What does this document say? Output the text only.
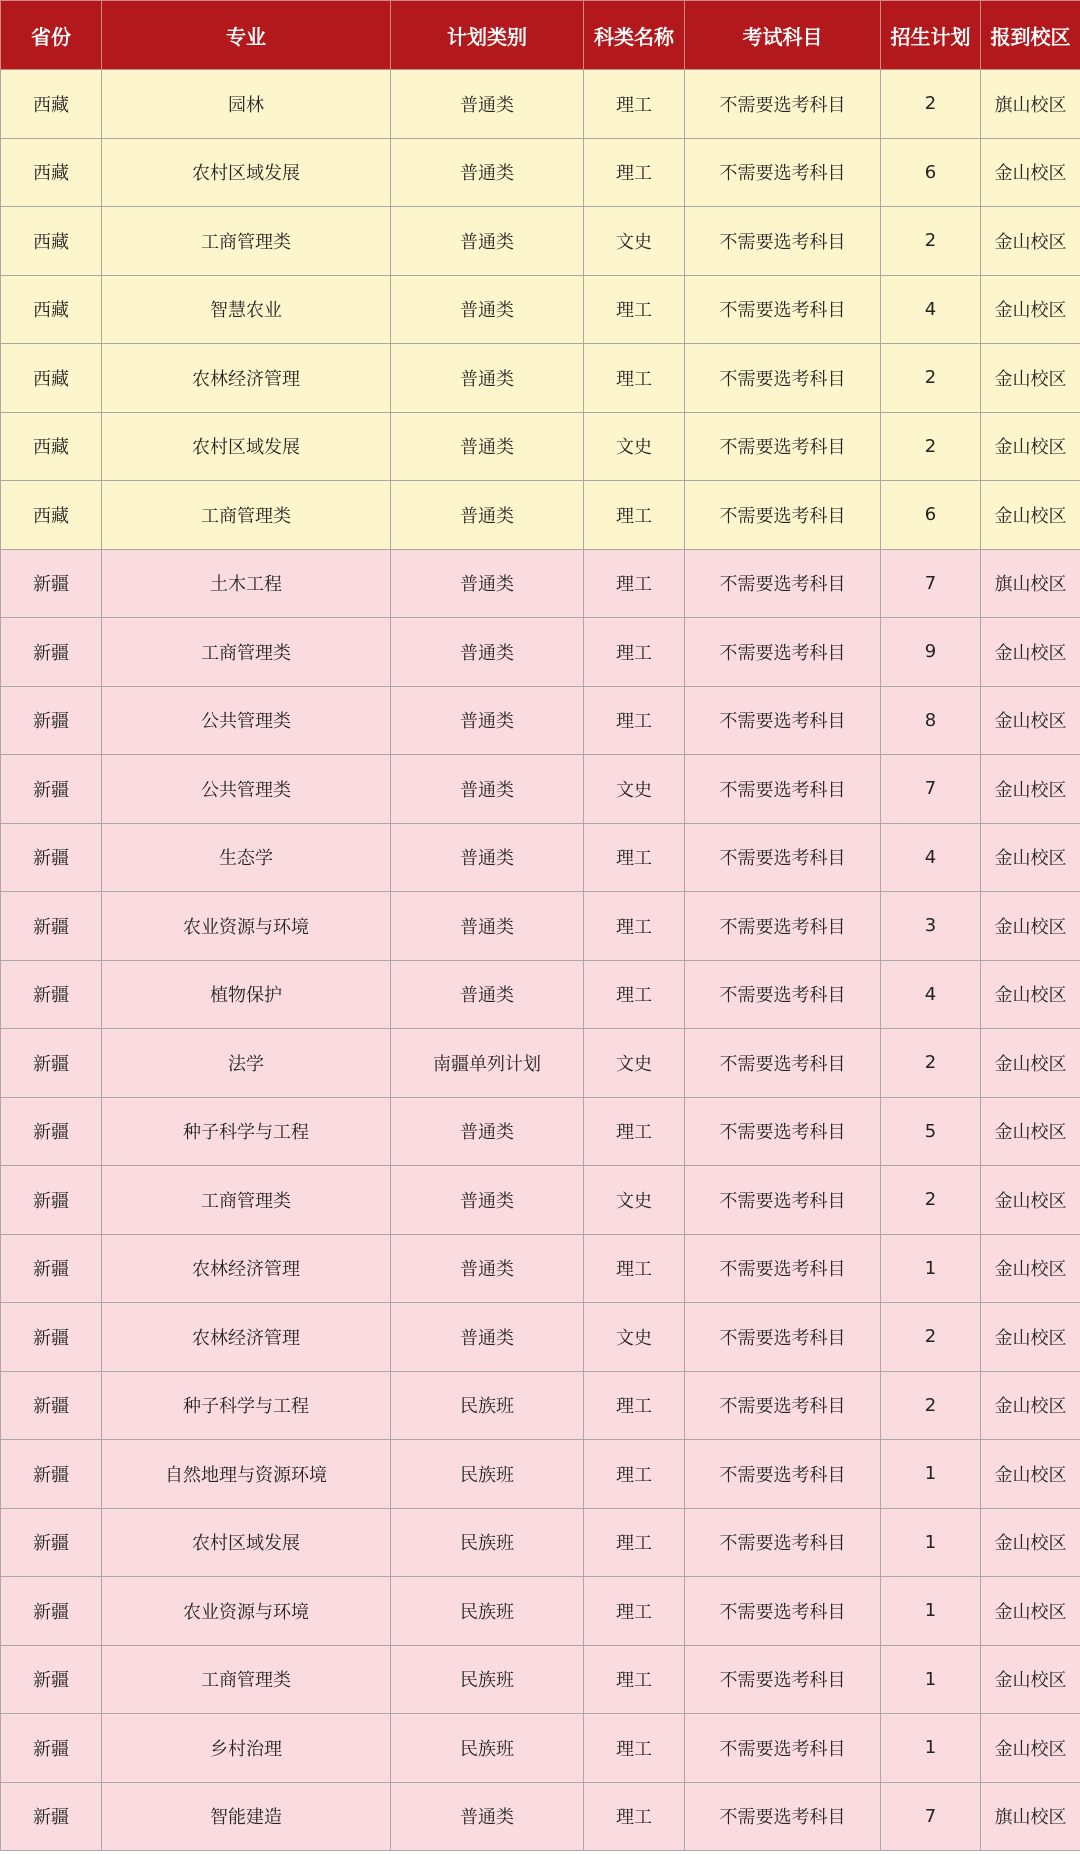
省份	专业	计划类别	科类名称	考试科目	招生计划	报到校区
西藏	园林	普通类	理工	不需要选考科目	2	旗山校区
西藏	农村区域发展	普通类	理工	不需要选考科目	6	金山校区
西藏	工商管理类	普通类	文史	不需要选考科目	2	金山校区
西藏	智慧农业	普通类	理工	不需要选考科目	4	金山校区
西藏	农林经济管理	普通类	理工	不需要选考科目	2	金山校区
西藏	农村区域发展	普通类	文史	不需要选考科目	2	金山校区
西藏	工商管理类	普通类	理工	不需要选考科目	6	金山校区
新疆	土木工程	普通类	理工	不需要选考科目	7	旗山校区
新疆	工商管理类	普通类	理工	不需要选考科目	9	金山校区
新疆	公共管理类	普通类	理工	不需要选考科目	8	金山校区
新疆	公共管理类	普通类	文史	不需要选考科目	7	金山校区
新疆	生态学	普通类	理工	不需要选考科目	4	金山校区
新疆	农业资源与环境	普通类	理工	不需要选考科目	3	金山校区
新疆	植物保护	普通类	理工	不需要选考科目	4	金山校区
新疆	法学	南疆单列计划	文史	不需要选考科目	2	金山校区
新疆	种子科学与工程	普通类	理工	不需要选考科目	5	金山校区
新疆	工商管理类	普通类	文史	不需要选考科目	2	金山校区
新疆	农林经济管理	普通类	理工	不需要选考科目	1	金山校区
新疆	农林经济管理	普通类	文史	不需要选考科目	2	金山校区
新疆	种子科学与工程	民族班	理工	不需要选考科目	2	金山校区
新疆	自然地理与资源环境	民族班	理工	不需要选考科目	1	金山校区
新疆	农村区域发展	民族班	理工	不需要选考科目	1	金山校区
新疆	农业资源与环境	民族班	理工	不需要选考科目	1	金山校区
新疆	工商管理类	民族班	理工	不需要选考科目	1	金山校区
新疆	乡村治理	民族班	理工	不需要选考科目	1	金山校区
新疆	智能建造	普通类	理工	不需要选考科目	7	旗山校区
